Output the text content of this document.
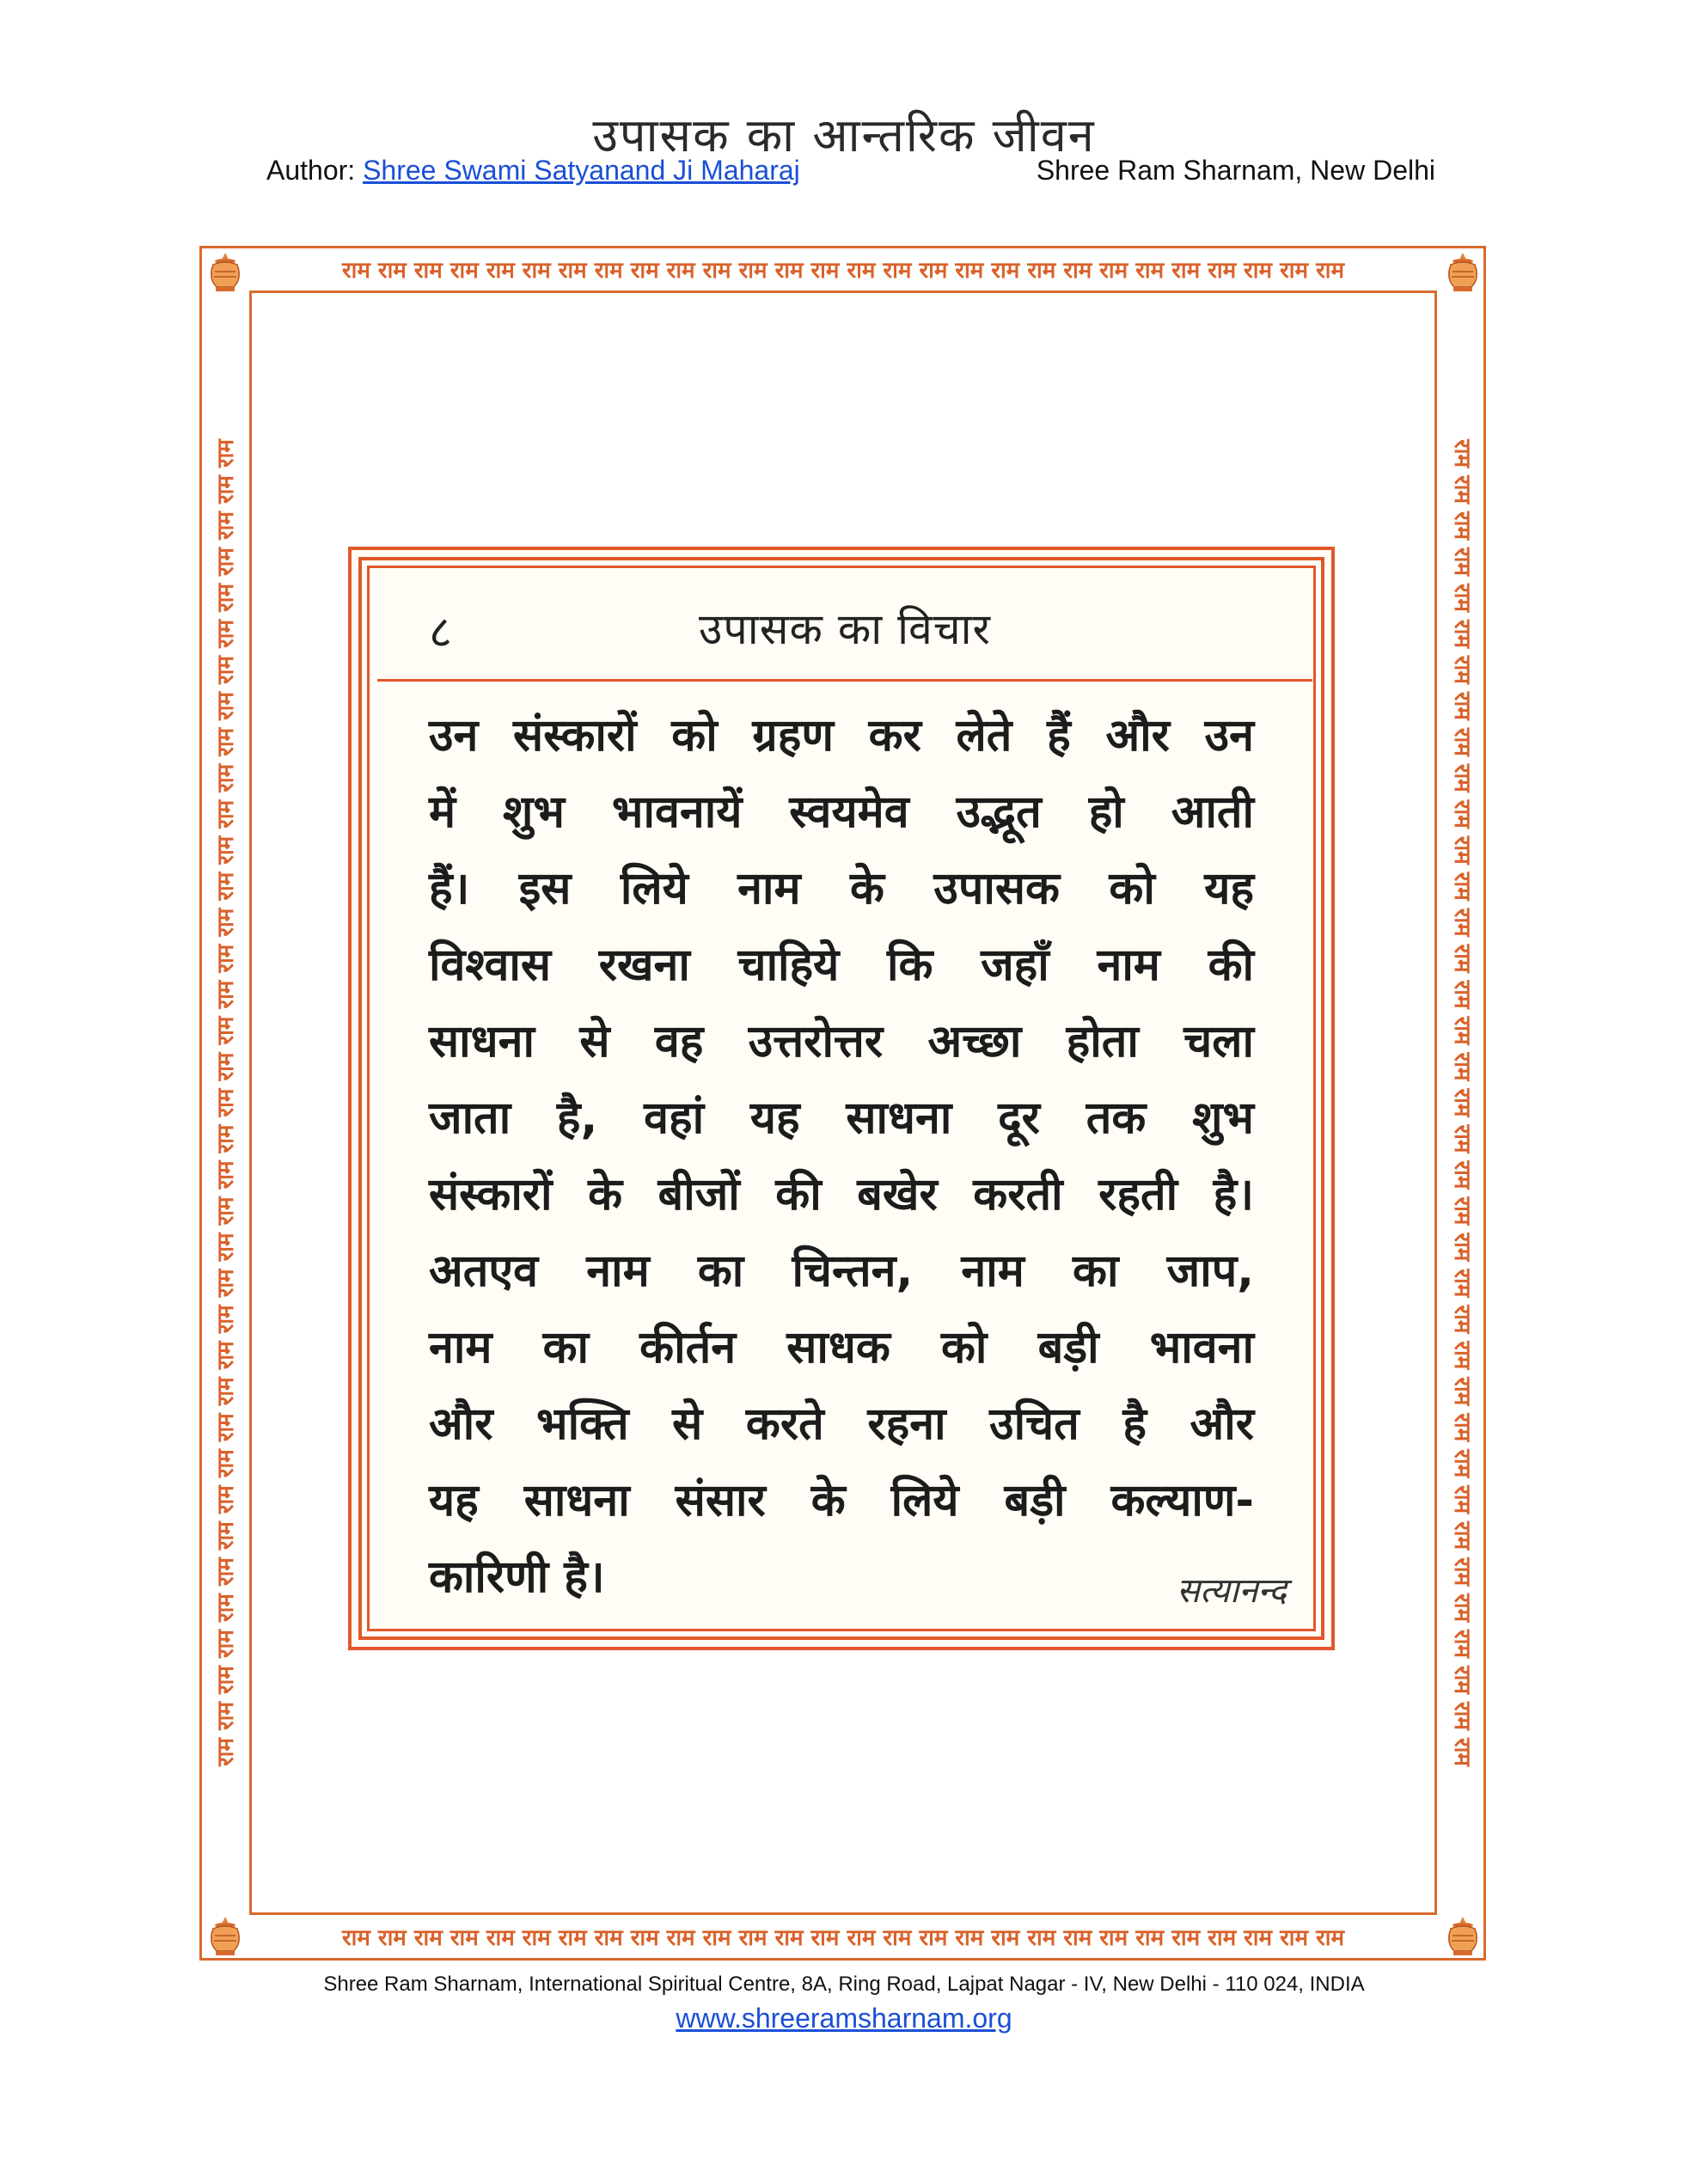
उपासक का आन्तरिक जीवन
Author: Shree Swami Satyanand Ji Maharaj	Shree Ram Sharnam, New Delhi
राम राम राम राम राम राम राम राम राम राम राम राम राम राम राम राम राम राम राम राम राम राम राम राम राम राम राम राम
राम राम राम राम राम राम राम राम राम राम राम राम राम राम राम राम राम राम राम राम राम राम राम राम राम राम राम राम
राम राम राम राम राम राम राम राम राम राम राम राम राम राम राम राम राम राम राम राम राम राम राम राम राम राम राम राम राम राम राम राम राम राम राम राम राम	राम राम राम राम राम राम राम राम राम राम राम राम राम राम राम राम राम राम राम राम राम राम राम राम राम राम राम राम राम राम राम राम राम राम राम राम राम
८	उपासक का विचार
उन संस्कारों को ग्रहण कर लेते हैं और उन
में शुभ भावनायें स्वयमेव उद्भूत हो आती
हैं। इस लिये नाम के उपासक को यह
विश्वास रखना चाहिये कि जहाँ नाम की
साधना से वह उत्तरोत्तर अच्छा होता चला
जाता है, वहां यह साधना दूर तक शुभ
संस्कारों के बीजों की बखेर करती रहती है।
अतएव नाम का चिन्तन, नाम का जाप,
नाम का कीर्तन साधक को बड़ी भावना
और भक्ति से करते रहना उचित है और
यह साधना संसार के लिये बड़ी कल्याण-
कारिणी है।	सत्यानन्द
Shree Ram Sharnam, International Spiritual Centre, 8A, Ring Road, Lajpat Nagar - IV, New Delhi - 110 024, INDIA
www.shreeramsharnam.org
